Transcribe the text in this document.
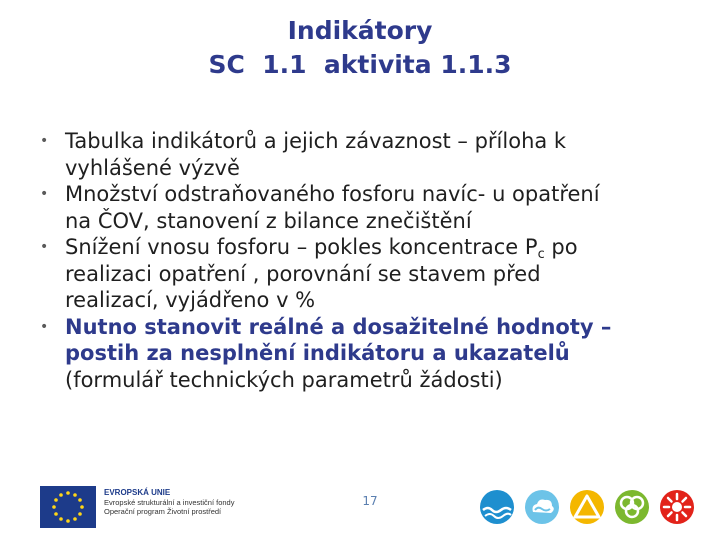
Indikátory
SC  1.1  aktivita 1.1.3
• Tabulka indikátorů a jejich závaznost – příloha k
vyhlášené výzvě
• Množství odstraňovaného fosforu navíc- u opatření
na ČOV, stanovení z bilance znečištění
• Snížení vnosu fosforu – pokles koncentrace $P_c$ po
realizaci opatření , porovnání se stavem před
realizací, vyjádřeno v %
• Nutno stanovit reálné a dosažitelné hodnoty –
postih za nesplnění indikátoru a ukazatelů
(formulář technických parametrů žádosti)
EVROPSKÁ UNIE
Evropské strukturální a investiční fondy
Operační program Životní prostředí
17
